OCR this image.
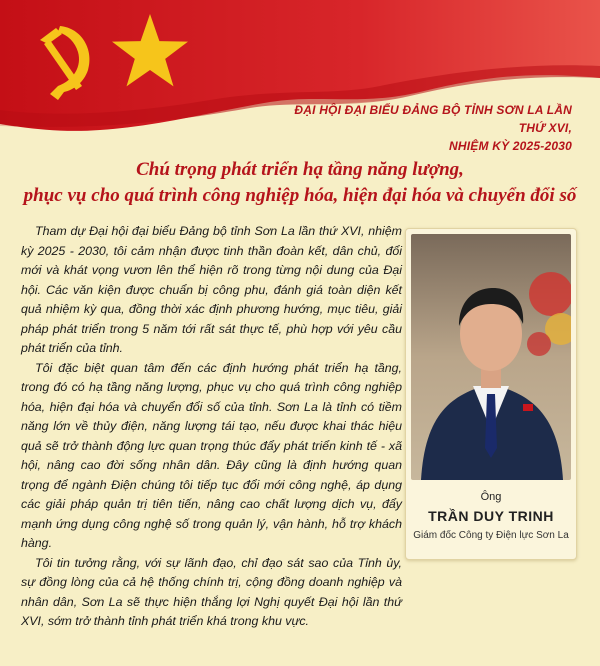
ĐẠI HỘI ĐẠI BIỂU ĐẢNG BỘ TỈNH SƠN LA LẦN THỨ XVI,
NHIỆM KỲ 2025-2030
Chú trọng phát triển hạ tầng năng lượng,
phục vụ cho quá trình công nghiệp hóa, hiện đại hóa và chuyển đổi số

Tham dự Đại hội đại biểu Đảng bộ tỉnh Sơn La lần thứ XVI, nhiệm kỳ 2025 - 2030, tôi cảm nhận được tinh thần đoàn kết, dân chủ, đổi mới và khát vọng vươn lên thể hiện rõ trong từng nội dung của Đại hội. Các văn kiện được chuẩn bị công phu, đánh giá toàn diện kết quả nhiệm kỳ qua, đồng thời xác định phương hướng, mục tiêu, giải pháp phát triển trong 5 năm tới rất sát thực tế, phù hợp với yêu cầu phát triển của tỉnh.

Tôi đặc biệt quan tâm đến các định hướng phát triển hạ tầng, trong đó có hạ tầng năng lượng, phục vụ cho quá trình công nghiệp hóa, hiện đại hóa và chuyển đổi số của tỉnh. Sơn La là tỉnh có tiềm năng lớn về thủy điện, năng lượng tái tạo, nếu được khai thác hiệu quả sẽ trở thành động lực quan trọng thúc đẩy phát triển kinh tế - xã hội, nâng cao đời sống nhân dân. Đây cũng là định hướng quan trọng để ngành Điện chúng tôi tiếp tục đổi mới công nghệ, áp dụng các giải pháp quản trị tiên tiến, nâng cao chất lượng dịch vụ, đẩy mạnh ứng dụng công nghệ số trong quản lý, vận hành, hỗ trợ khách hàng.

Tôi tin tưởng rằng, với sự lãnh đạo, chỉ đạo sát sao của Tỉnh ủy, sự đồng lòng của cả hệ thống chính trị, cộng đồng doanh nghiệp và nhân dân, Sơn La sẽ thực hiện thắng lợi Nghị quyết Đại hội lần thứ XVI, sớm trở thành tỉnh phát triển khá trong khu vực.

Ông
TRẦN DUY TRINH
Giám đốc Công ty Điện lực Sơn La
